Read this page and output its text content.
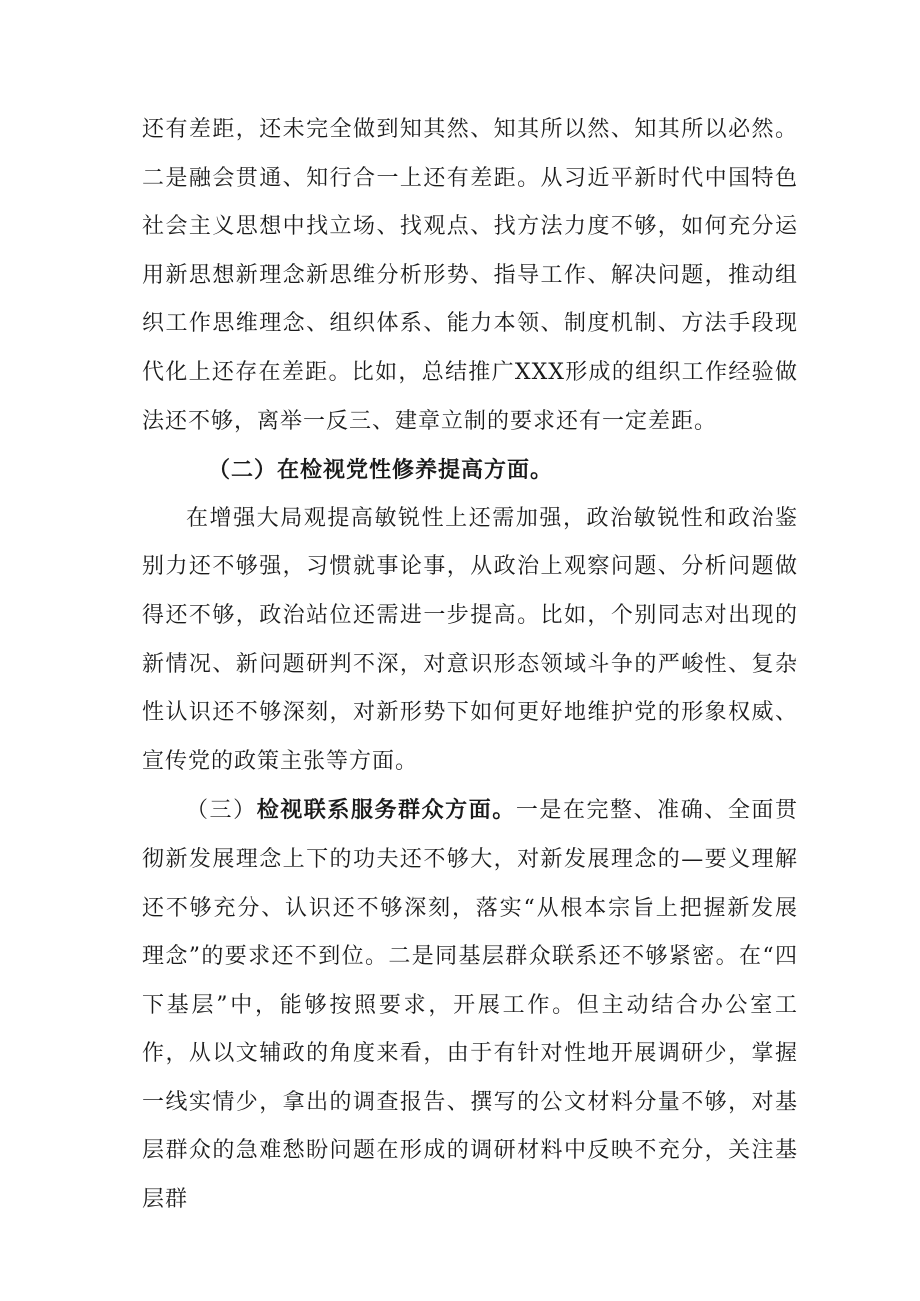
还有差距，还未完全做到知其然、知其所以然、知其所以必然。二是融会贯通、知行合一上还有差距。从习近平新时代中国特色社会主义思想中找立场、找观点、找方法力度不够，如何充分运用新思想新理念新思维分析形势、指导工作、解决问题，推动组织工作思维理念、组织体系、能力本领、制度机制、方法手段现代化上还存在差距。比如，总结推广XXX形成的组织工作经验做法还不够，离举一反三、建章立制的要求还有一定差距。

（二）在检视党性修养提高方面。

在增强大局观提高敏锐性上还需加强，政治敏锐性和政治鉴别力还不够强，习惯就事论事，从政治上观察问题、分析问题做得还不够，政治站位还需进一步提高。比如，个别同志对出现的新情况、新问题研判不深，对意识形态领域斗争的严峻性、复杂性认识还不够深刻，对新形势下如何更好地维护党的形象权威、宣传党的政策主张等方面。

（三）检视联系服务群众方面。一是在完整、准确、全面贯彻新发展理念上下的功夫还不够大，对新发展理念的—要义理解还不够充分、认识还不够深刻，落实“从根本宗旨上把握新发展理念”的要求还不到位。二是同基层群众联系还不够紧密。在“四下基层”中，能够按照要求，开展工作。但主动结合办公室工作，从以文辅政的角度来看，由于有针对性地开展调研少，掌握一线实情少，拿出的调查报告、撰写的公文材料分量不够，对基层群众的急难愁盼问题在形成的调研材料中反映不充分，关注基层群
